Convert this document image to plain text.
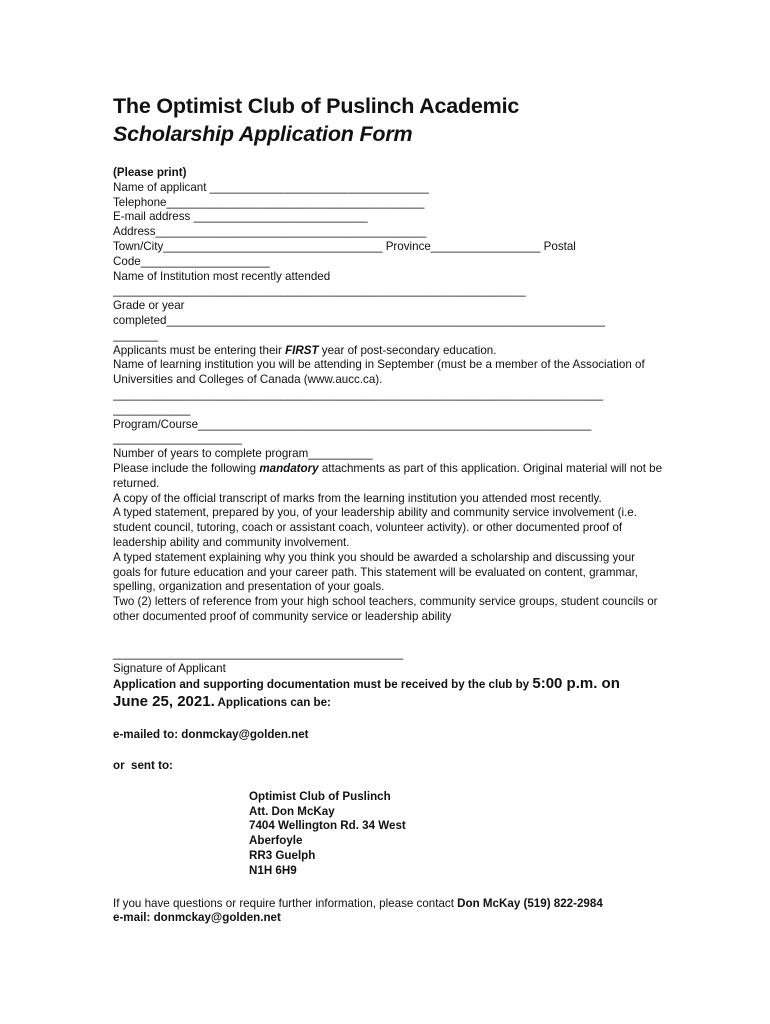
The Optimist Club of Puslinch Academic
Scholarship Application Form
(Please print)
Name of applicant __________________________________
Telephone________________________________________
E-mail address ___________________________
Address__________________________________________
Town/City__________________________________ Province_________________ Postal
Code____________________
Name of Institution most recently attended
________________________________________________________________
Grade or year
completed____________________________________________________________________
_______
Applicants must be entering their FIRST year of post-secondary education.
Name of learning institution you will be attending in September (must be a member of the Association of Universities and Colleges of Canada (www.aucc.ca).
____________________________________________________________________________
____________
Program/Course_____________________________________________________________
____________________
Number of years to complete program__________
Please include the following mandatory attachments as part of this application. Original material will not be returned.
A copy of the official transcript of marks from the learning institution you attended most recently.
A typed statement, prepared by you, of your leadership ability and community service involvement (i.e. student council, tutoring, coach or assistant coach, volunteer activity). or other documented proof of leadership ability and community involvement.
A typed statement explaining why you think you should be awarded a scholarship and discussing your goals for future education and your career path. This statement will be evaluated on content, grammar, spelling, organization and presentation of your goals.
Two (2) letters of reference from your high school teachers, community service groups, student councils or other documented proof of community service or leadership ability
_____________________________________________
Signature of Applicant
Application and supporting documentation must be received by the club by 5:00 p.m. on
June 25, 2021. Applications can be:
e-mailed to: donmckay@golden.net
or  sent to:
Optimist Club of Puslinch
Att. Don McKay
7404 Wellington Rd. 34 West
Aberfoyle
RR3 Guelph
N1H 6H9
If you have questions or require further information, please contact Don McKay (519) 822-2984
e-mail: donmckay@golden.net
